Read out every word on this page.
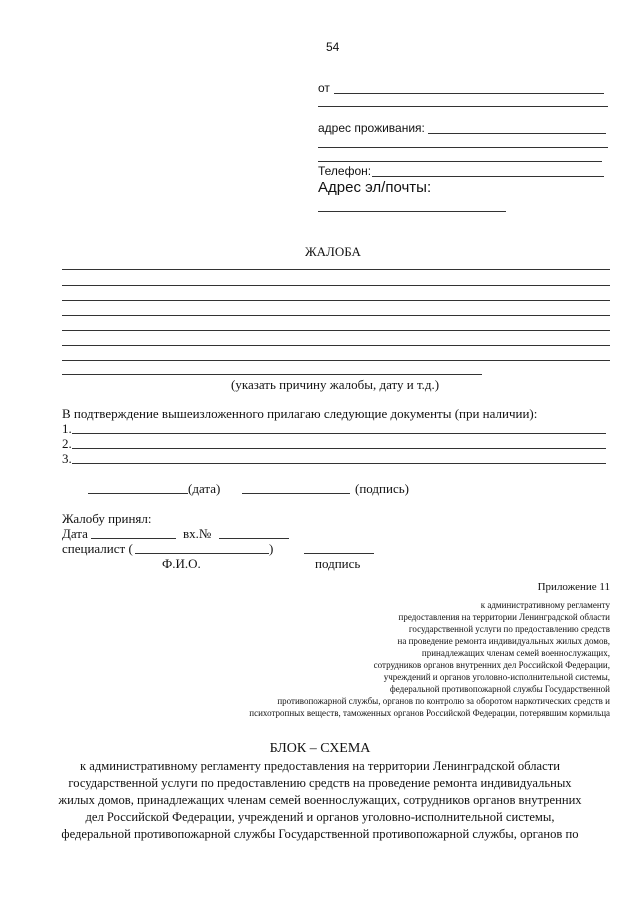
54
от
адрес проживания:
Телефон:
Адрес эл/почты:
ЖАЛОБА
(указать причину жалобы, дату и т.д.)
В подтверждение вышеизложенного прилагаю следующие документы (при наличии):
1.
2.
3.
(дата)	(подпись)
Жалобу принял:
Дата	вх.№
специалист (	)
Ф.И.О.	подпись
Приложение 11
к административному регламенту
предоставления на территории Ленинградской области
государственной услуги по предоставлению средств
на проведение ремонта индивидуальных жилых домов,
принадлежащих членам семей военнослужащих,
сотрудников органов внутренних дел Российской Федерации,
учреждений и органов уголовно-исполнительной системы,
федеральной противопожарной службы Государственной
противопожарной службы, органов по контролю за оборотом наркотических средств и
психотропных веществ, таможенных органов Российской Федерации, потерявшим кормильца
БЛОК – СХЕМА
к административному регламенту предоставления на территории Ленинградской области
государственной услуги по предоставлению средств на проведение ремонта индивидуальных
жилых домов, принадлежащих членам семей военнослужащих, сотрудников органов внутренних
дел Российской Федерации, учреждений и органов уголовно-исполнительной системы,
федеральной противопожарной службы Государственной противопожарной службы, органов по
